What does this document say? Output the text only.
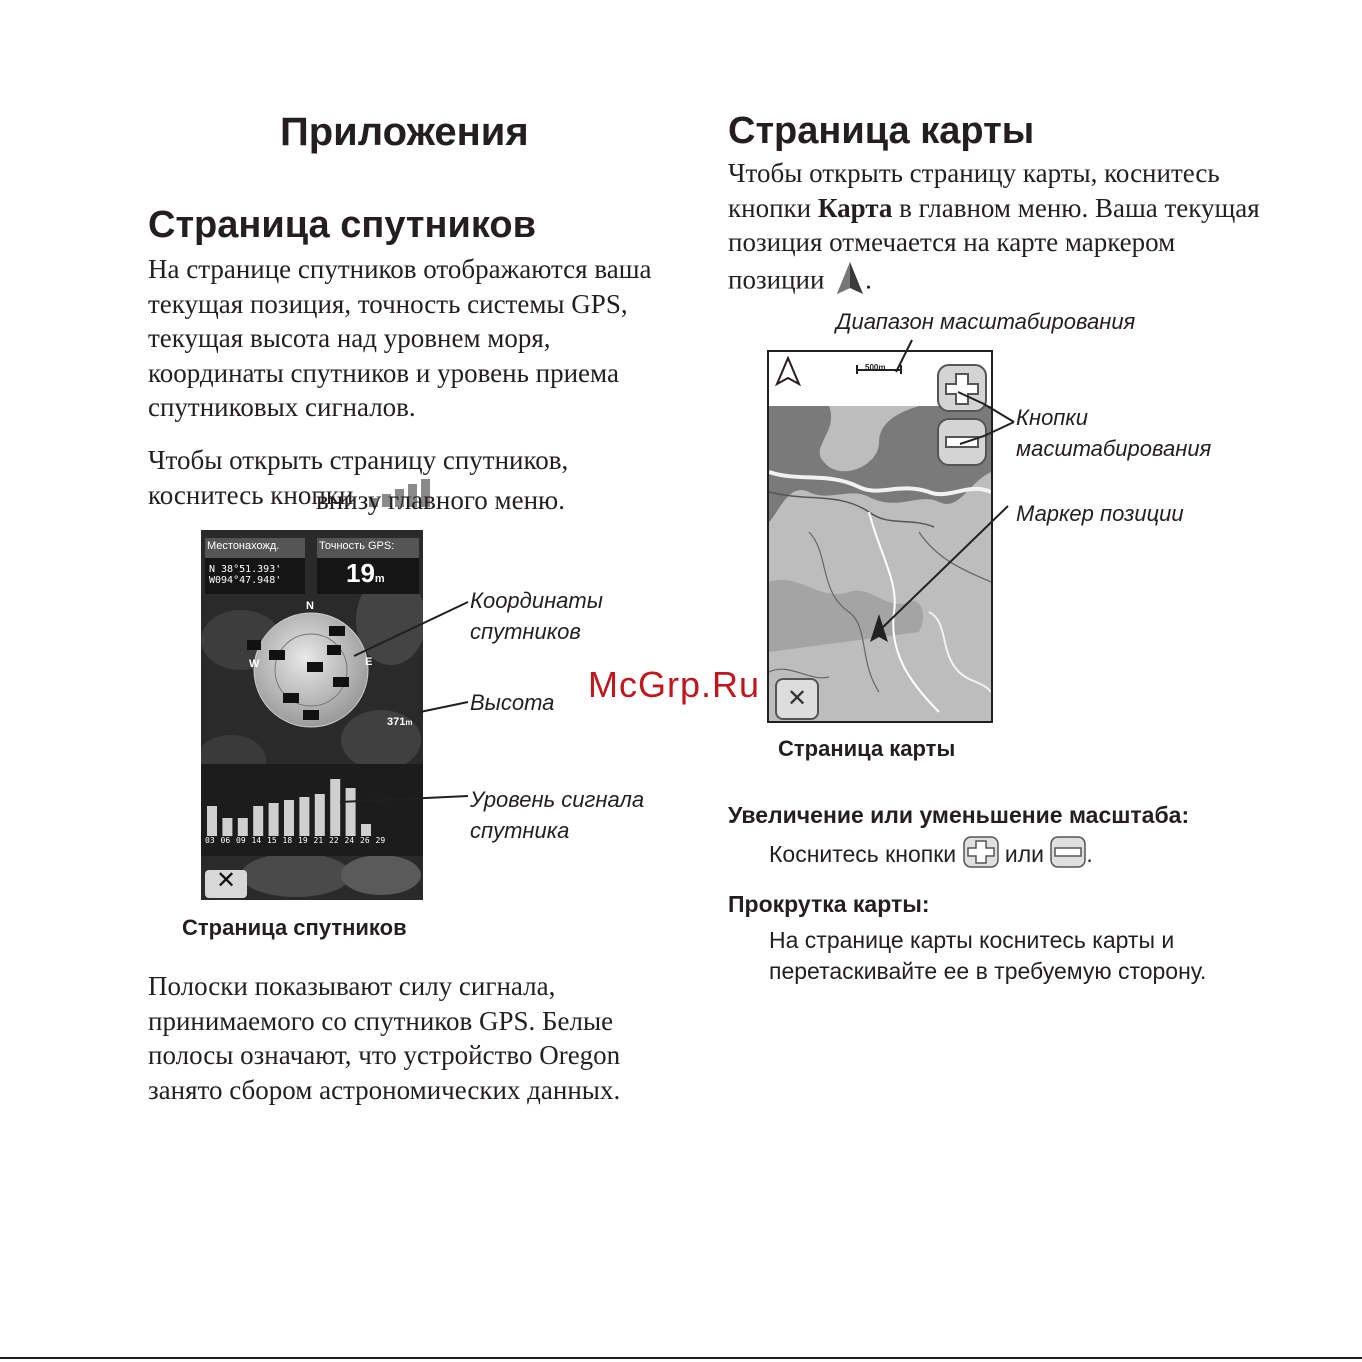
Приложения
Страница спутников

На странице спутников отображаются ваша текущая позиция, точность системы GPS, текущая высота над уровнем моря, координаты спутников и уровень приема спутниковых сигналов.

Чтобы открыть страницу спутников, коснитесь кнопки
внизу главного меню.
Местонахожд.	Точность GPS:
N 38°51.393'
W094°47.948' 19m
N
E
W
371m
03 06 09 14 15 18 19 21 22 24 26 29
✕
Координаты
спутников
Высота
Уровень сигнала
спутника
Страница спутников

Полоски показывают силу сигнала, принимаемого со спутников GPS. Белые полосы означают, что устройство Oregon занято сбором астрономических данных.

Страница карты
Чтобы открыть страницу карты, коснитесь
кнопки Карта в главном меню. Ваша текущая
позиция отмечается на карте маркером
позиции .
Диапазон масштабирования
500m
✕
Кнопки
масштабирования
Маркер позиции
Страница карты
Увеличение или уменьшение масштаба:
Коснитесь кнопки или .
Прокрутка карты:

На странице карты коснитесь карты и перетаскивайте ее в требуемую сторону.

McGrp.Ru
